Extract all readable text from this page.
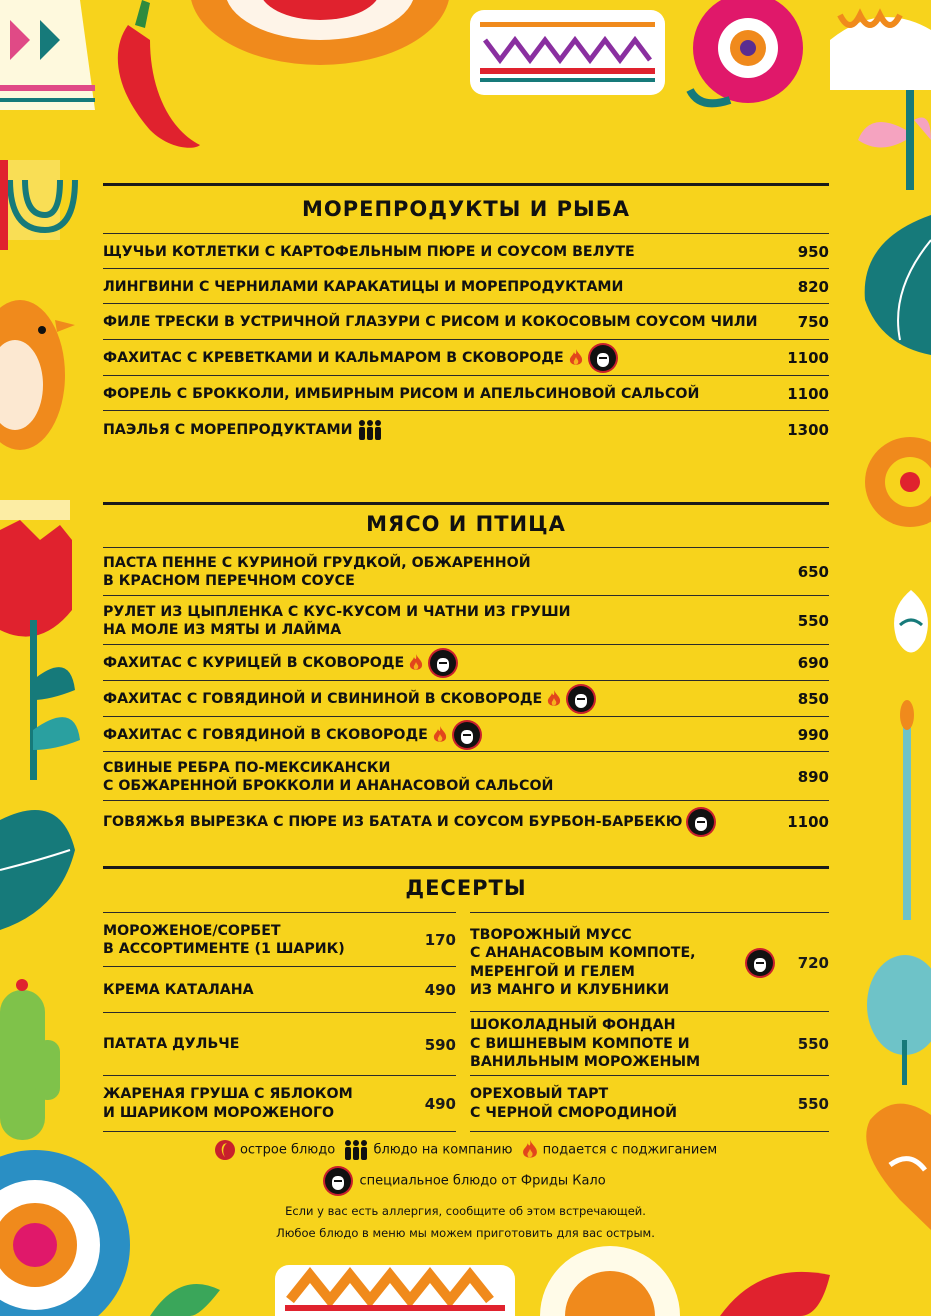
МОРЕПРОДУКТЫ И РЫБА
ЩУЧЬИ КОТЛЕТКИ С КАРТОФЕЛЬНЫМ ПЮРЕ И СОУСОМ ВЕЛУТЕ	950
ЛИНГВИНИ С ЧЕРНИЛАМИ КАРАКАТИЦЫ И МОРЕПРОДУКТАМИ	820
ФИЛЕ ТРЕСКИ В УСТРИЧНОЙ ГЛАЗУРИ С РИСОМ И КОКОСОВЫМ СОУСОМ ЧИЛИ	750
ФАХИТАС С КРЕВЕТКАМИ И КАЛЬМАРОМ В СКОВОРОДЕ	1100
ФОРЕЛЬ С БРОККОЛИ, ИМБИРНЫМ РИСОМ И АПЕЛЬСИНОВОЙ САЛЬСОЙ	1100
ПАЭЛЬЯ С МОРЕПРОДУКТАМИ	1300
МЯСО И ПТИЦА
ПАСТА ПЕННЕ С КУРИНОЙ ГРУДКОЙ, ОБЖАРЕННОЙ
В КРАСНОМ ПЕРЕЧНОМ СОУСЕ	650
РУЛЕТ ИЗ ЦЫПЛЕНКА С КУС-КУСОМ И ЧАТНИ ИЗ ГРУШИ
НА МОЛЕ ИЗ МЯТЫ И ЛАЙМА	550
ФАХИТАС С КУРИЦЕЙ В СКОВОРОДЕ	690
ФАХИТАС С ГОВЯДИНОЙ И СВИНИНОЙ В СКОВОРОДЕ	850
ФАХИТАС С ГОВЯДИНОЙ В СКОВОРОДЕ	990
СВИНЫЕ РЕБРА ПО-МЕКСИКАНСКИ
С ОБЖАРЕННОЙ БРОККОЛИ И АНАНАСОВОЙ САЛЬСОЙ	890
ГОВЯЖЬЯ ВЫРЕЗКА С ПЮРЕ ИЗ БАТАТА И СОУСОМ БУРБОН-БАРБЕКЮ	1100
ДЕСЕРТЫ
МОРОЖЕНОЕ/СОРБЕТ
В АССОРТИМЕНТЕ (1 ШАРИК)	170
КРЕМА КАТАЛАНА	490
ПАТАТА ДУЛЬЧЕ	590
ЖАРЕНАЯ ГРУША С ЯБЛОКОМ
И ШАРИКОМ МОРОЖЕНОГО	490
ТВОРОЖНЫЙ МУСС
С АНАНАСОВЫМ КОМПОТЕ,
МЕРЕНГОЙ И ГЕЛЕМ
ИЗ МАНГО И КЛУБНИКИ
720
ШОКОЛАДНЫЙ ФОНДАН
С ВИШНЕВЫМ КОМПОТЕ И
ВАНИЛЬНЫМ МОРОЖЕНЫМ
550
ОРЕХОВЫЙ ТАРТ
С ЧЕРНОЙ СМОРОДИНОЙ	550
острое блюдо	блюдо на компанию подается с поджиганием
специальное блюдо от Фриды Кало
Если у вас есть аллергия, сообщите об этом встречающей.
Любое блюдо в меню мы можем приготовить для вас острым.
